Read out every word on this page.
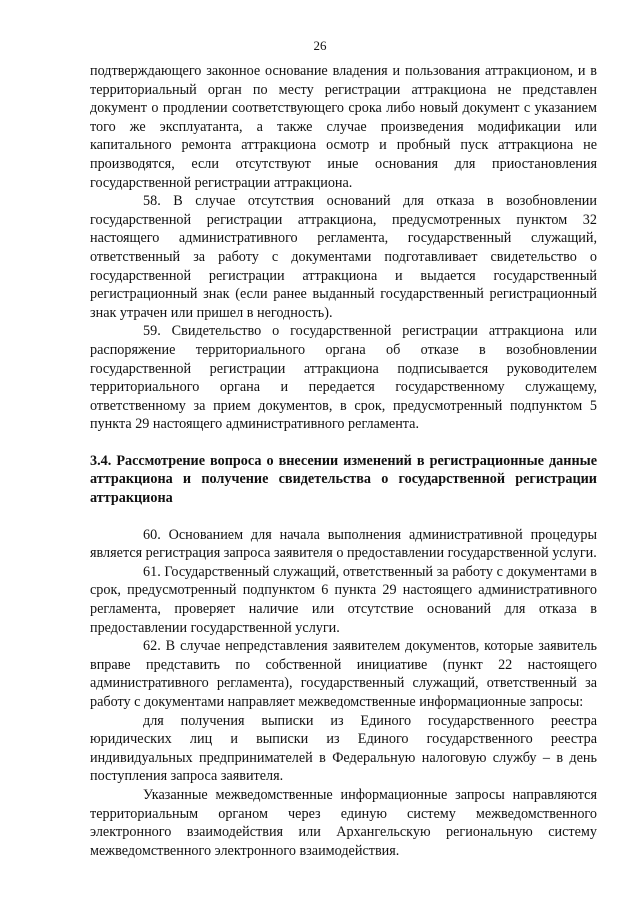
26

подтверждающего законное основание владения и пользования аттракционом, и в территориальный орган по месту регистрации аттракциона не представлен документ о продлении соответствующего срока либо новый документ с указанием того же эксплуатанта, а также случае произведения модификации или капитального ремонта аттракциона осмотр и пробный пуск аттракциона не производятся, если отсутствуют иные основания для приостановления государственной регистрации аттракциона.

58. В случае отсутствия оснований для отказа в возобновлении государственной регистрации аттракциона, предусмотренных пунктом 32 настоящего административного регламента, государственный служащий, ответственный за работу с документами подготавливает свидетельство о государственной регистрации аттракциона и выдается государственный регистрационный знак (если ранее выданный государственный регистрационный знак утрачен или пришел в негодность).

59. Свидетельство о государственной регистрации аттракциона или распоряжение территориального органа об отказе в возобновлении государственной регистрации аттракциона подписывается руководителем территориального органа и передается государственному служащему, ответственному за прием документов, в срок, предусмотренный подпунктом 5 пункта 29 настоящего административного регламента.

3.4. Рассмотрение вопроса о внесении изменений в регистрационные данные аттракциона и получение свидетельства о государственной регистрации аттракциона

60. Основанием для начала выполнения административной процедуры является регистрация запроса заявителя о предоставлении государственной услуги.

61. Государственный служащий, ответственный за работу с документами в срок, предусмотренный подпунктом 6 пункта 29 настоящего административного регламента, проверяет наличие или отсутствие оснований для отказа в предоставлении государственной услуги.

62. В случае непредставления заявителем документов, которые заявитель вправе представить по собственной инициативе (пункт 22 настоящего административного регламента), государственный служащий, ответственный за работу с документами направляет межведомственные информационные запросы:

для получения выписки из Единого государственного реестра юридических лиц и выписки из Единого государственного реестра индивидуальных предпринимателей в Федеральную налоговую службу – в день поступления запроса заявителя.

Указанные межведомственные информационные запросы направляются территориальным органом через единую систему межведомственного электронного взаимодействия или Архангельскую региональную систему межведомственного электронного взаимодействия.
